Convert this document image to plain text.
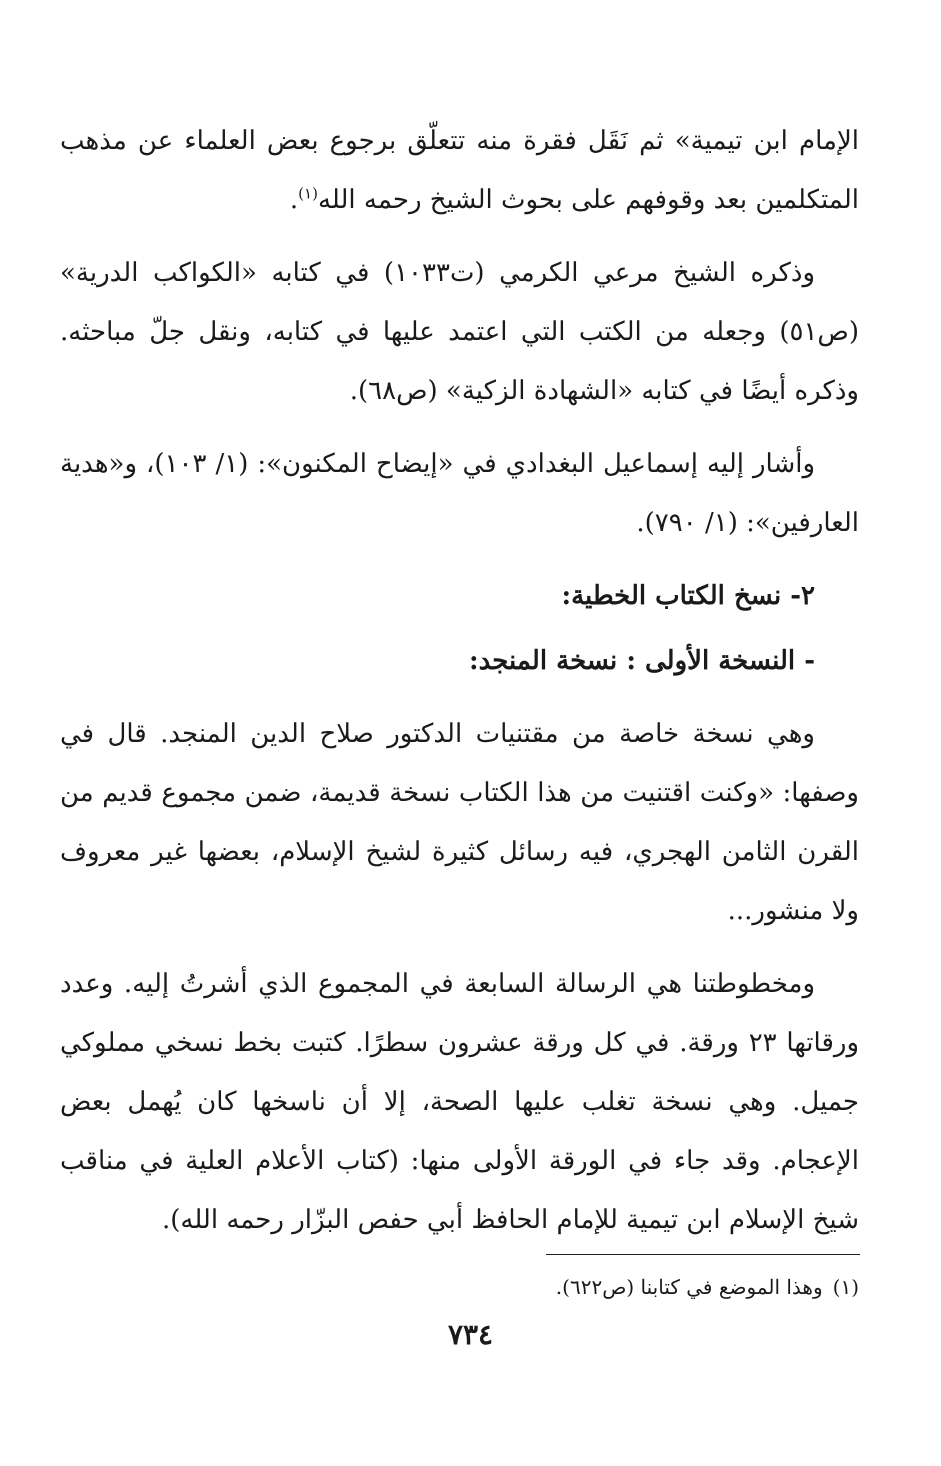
الإمام ابن تيمية» ثم نَقَل فقرة منه تتعلّق برجوع بعض العلماء عن مذهب المتكلمين بعد وقوفهم على بحوث الشيخ رحمه الله$^{(١)}$.

وذكره الشيخ مرعي الكرمي (ت١٠٣٣) في كتابه «الكواكب الدرية» (ص٥١) وجعله من الكتب التي اعتمد عليها في كتابه، ونقل جلّ مباحثه. وذكره أيضًا في كتابه «الشهادة الزكية» (ص٦٨).

وأشار إليه إسماعيل البغدادي في «إيضاح المكنون»: (١/ ١٠٣)، و«هدية العارفين»: (١/ ٧٩٠).

٢- نسخ الكتاب الخطية:

- النسخة الأولى : نسخة المنجد:

وهي نسخة خاصة من مقتنيات الدكتور صلاح الدين المنجد. قال في وصفها: «وكنت اقتنيت من هذا الكتاب نسخة قديمة، ضمن مجموع قديم من القرن الثامن الهجري، فيه رسائل كثيرة لشيخ الإسلام، بعضها غير معروف ولا منشور...

ومخطوطتنا هي الرسالة السابعة في المجموع الذي أشرتُ إليه. وعدد ورقاتها ٢٣ ورقة. في كل ورقة عشرون سطرًا. كتبت بخط نسخي مملوكي جميل. وهي نسخة تغلب عليها الصحة، إلا أن ناسخها كان يُهمل بعض الإعجام. وقد جاء في الورقة الأولى منها: (كتاب الأعلام العلية في مناقب شيخ الإسلام ابن تيمية للإمام الحافظ أبي حفص البزّار رحمه الله).

(١)وهذا الموضع في كتابنا (ص٦٢٢).
٧٣٤
